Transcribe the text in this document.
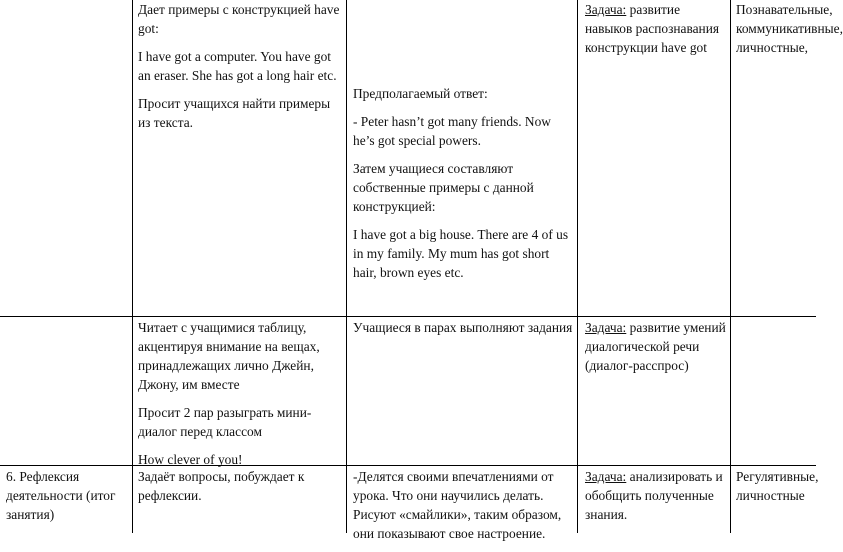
Дает примеры с конструкцией have got:

I have got a computer. You have got an eraser. She has got a long hair etc.

Просит учащихся найти примеры из текста.

Предполагаемый ответ:

- Peter hasn’t got many friends. Now he’s got special powers.

Затем учащиеся составляют собственные примеры с данной конструкцией:

I have got a big house. There are 4 of us in my family. My mum has got short hair, brown eyes etc.

Задача: развитие навыков распознавания конструкции have got
Познавательные,
коммуникативные,
личностные,

Читает с учащимися таблицу, акцентируя внимание на вещах, принадлежащих лично Джейн, Джону, им вместе

Просит 2 пар разыграть мини-диалог перед классом

How clever of you!

Учащиеся в парах выполняют задания Задача: развитие умений диалогической речи (диалог-расспрос)
6. Рефлексия деятельности (итог занятия)

Задаёт вопросы, побуждает к рефлексии.

-Делятся своими впечатлениями от урока. Что они научились делать. Рисуют «смайлики», таким образом, они показывают свое настроение.

Задача: анализировать и обобщить полученные знания.
Регулятивные,
личностные
